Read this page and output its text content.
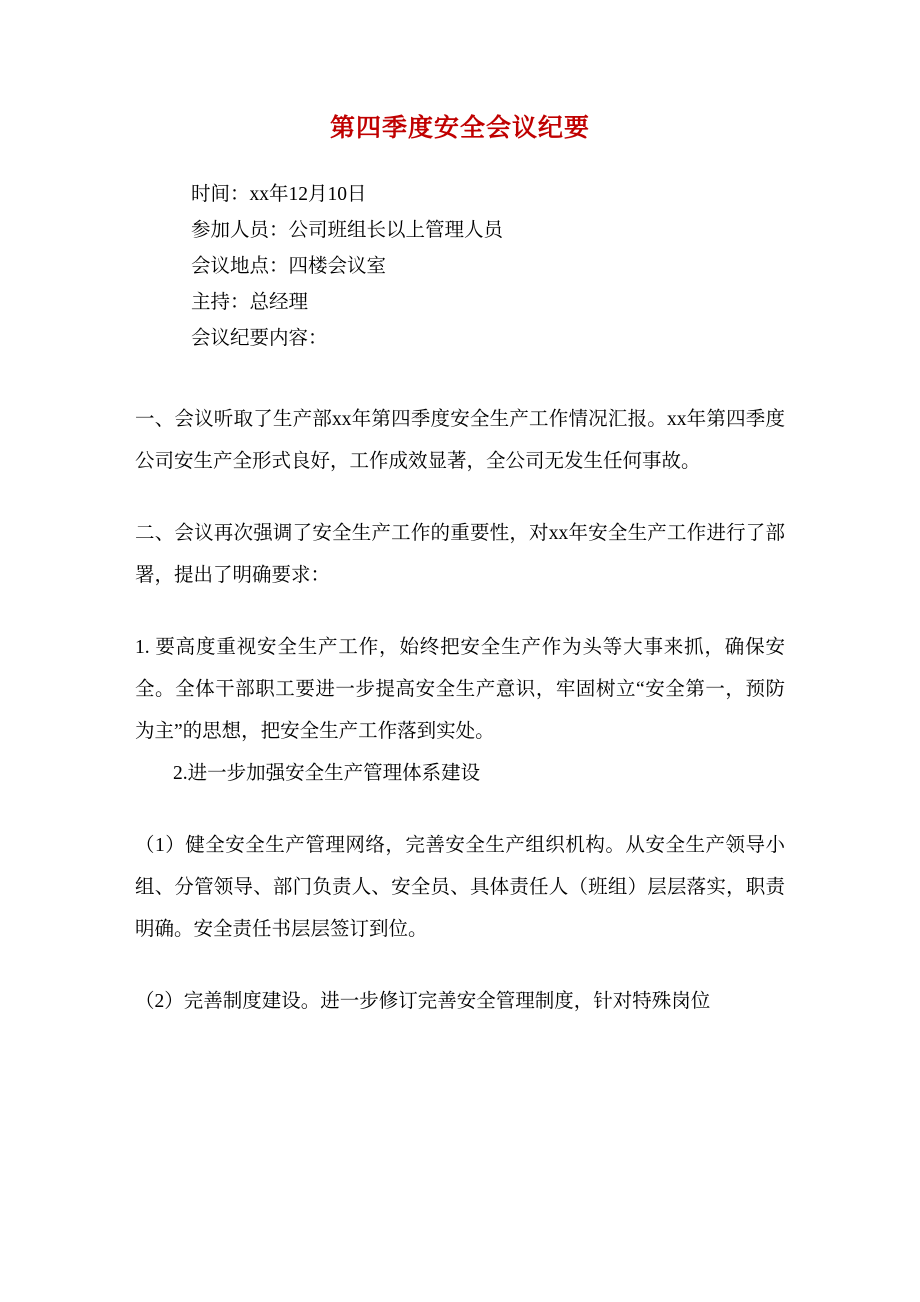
第四季度安全会议纪要
时间：xx年12月10日
参加人员：公司班组长以上管理人员
会议地点：四楼会议室
主持：总经理
会议纪要内容：

一、会议听取了生产部xx年第四季度安全生产工作情况汇报。xx年第四季度公司安生产全形式良好，工作成效显著，全公司无发生任何事故。

二、会议再次强调了安全生产工作的重要性，对xx年安全生产工作进行了部署，提出了明确要求：

1. 要高度重视安全生产工作，始终把安全生产作为头等大事来抓，确保安全。全体干部职工要进一步提高安全生产意识，牢固树立“安全第一，预防为主”的思想，把安全生产工作落到实处。

2.进一步加强安全生产管理体系建设

（1）健全安全生产管理网络，完善安全生产组织机构。从安全生产领导小组、分管领导、部门负责人、安全员、具体责任人（班组）层层落实，职责明确。安全责任书层层签订到位。

（2）完善制度建设。进一步修订完善安全管理制度，针对特殊岗位
